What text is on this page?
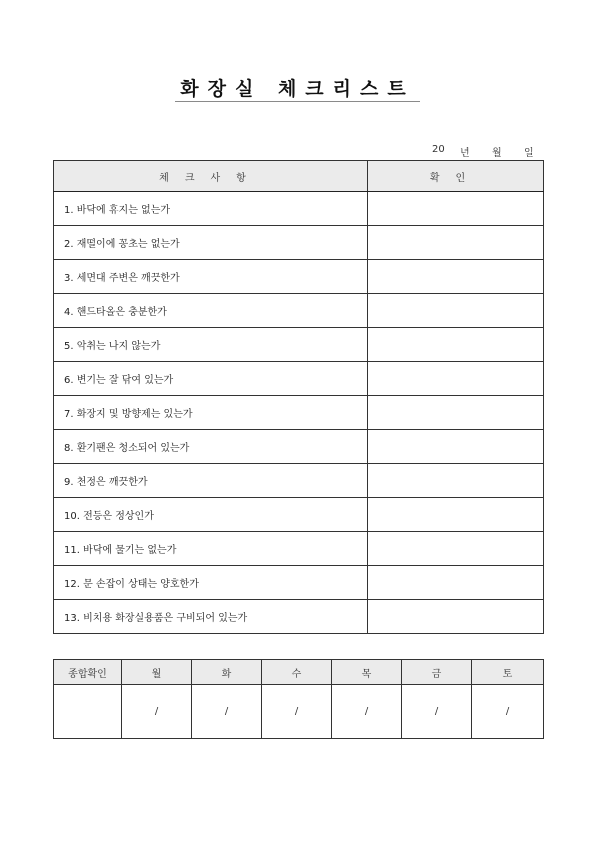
화장실 체크리스트
20 년 월 일
체크사항	확인
1. 바닥에 휴지는 없는가	
2. 재떨이에 꽁초는 없는가	
3. 세면대 주변은 깨끗한가	
4. 핸드타올은 충분한가	
5. 악취는 나지 않는가	
6. 변기는 잘 닦여 있는가	
7. 화장지 및 방향제는 있는가	
8. 환기팬은 청소되어 있는가	
9. 천정은 깨끗한가	
10. 전등은 정상인가	
11. 바닥에 물기는 없는가	
12. 문 손잡이 상태는 양호한가	
13. 비치용 화장실용품은 구비되어 있는가	
종합확인	월	화	수	목	금	토
	/	/	/	/	/	/
